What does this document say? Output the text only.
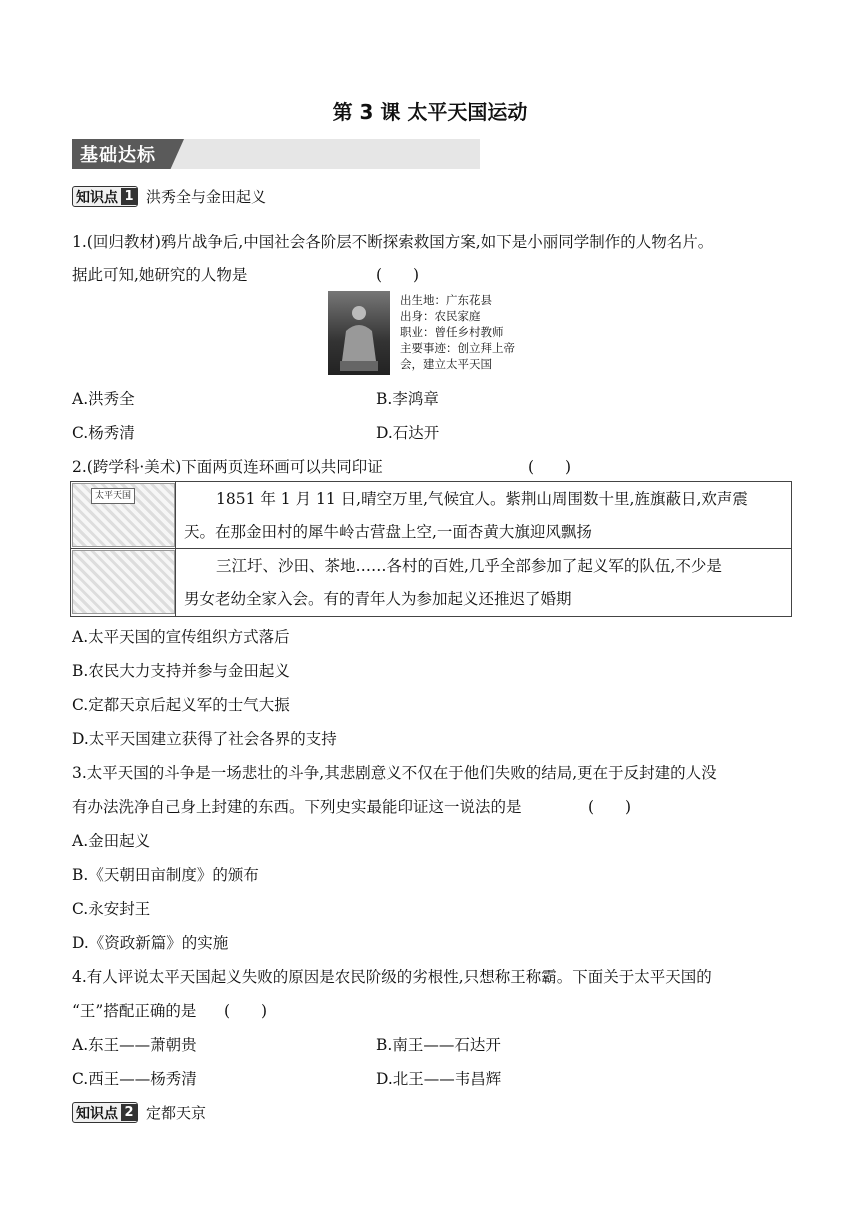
第 3 课 太平天国运动
基础达标
知识点 1 洪秀全与金田起义
1.(回归教材)鸦片战争后,中国社会各阶层不断探索救国方案,如下是小丽同学制作的人物名片。
据此可知,她研究的人物是	(　　)
出生地：广东花县
出身：农民家庭
职业：曾任乡村教师
主要事迹：创立拜上帝
会，建立太平天国
A.洪秀全	B.李鸿章
C.杨秀清	D.石达开
2.(跨学科·美术)下面两页连环画可以共同印证	(　　)
太平天国	1851 年 1 月 11 日,晴空万里,气候宜人。紫荆山周围数十里,旌旗蔽日,欢声震

天。在那金田村的犀牛岭古营盘上空,一面杏黄大旗迎风飘扬
三江圩、沙田、茶地……各村的百姓,几乎全部参加了起义军的队伍,不少是
男女老幼全家入会。有的青年人为参加起义还推迟了婚期
A.太平天国的宣传组织方式落后
B.农民大力支持并参与金田起义
C.定都天京后起义军的士气大振
D.太平天国建立获得了社会各界的支持
3.太平天国的斗争是一场悲壮的斗争,其悲剧意义不仅在于他们失败的结局,更在于反封建的人没
有办法洗净自己身上封建的东西。下列史实最能印证这一说法的是	(　　)
A.金田起义
B.《天朝田亩制度》的颁布
C.永安封王
D.《资政新篇》的实施
4.有人评说太平天国起义失败的原因是农民阶级的劣根性,只想称王称霸。下面关于太平天国的
“王”搭配正确的是 (　　)
A.东王——萧朝贵	B.南王——石达开
C.西王——杨秀清	D.北王——韦昌辉
知识点 2 定都天京
